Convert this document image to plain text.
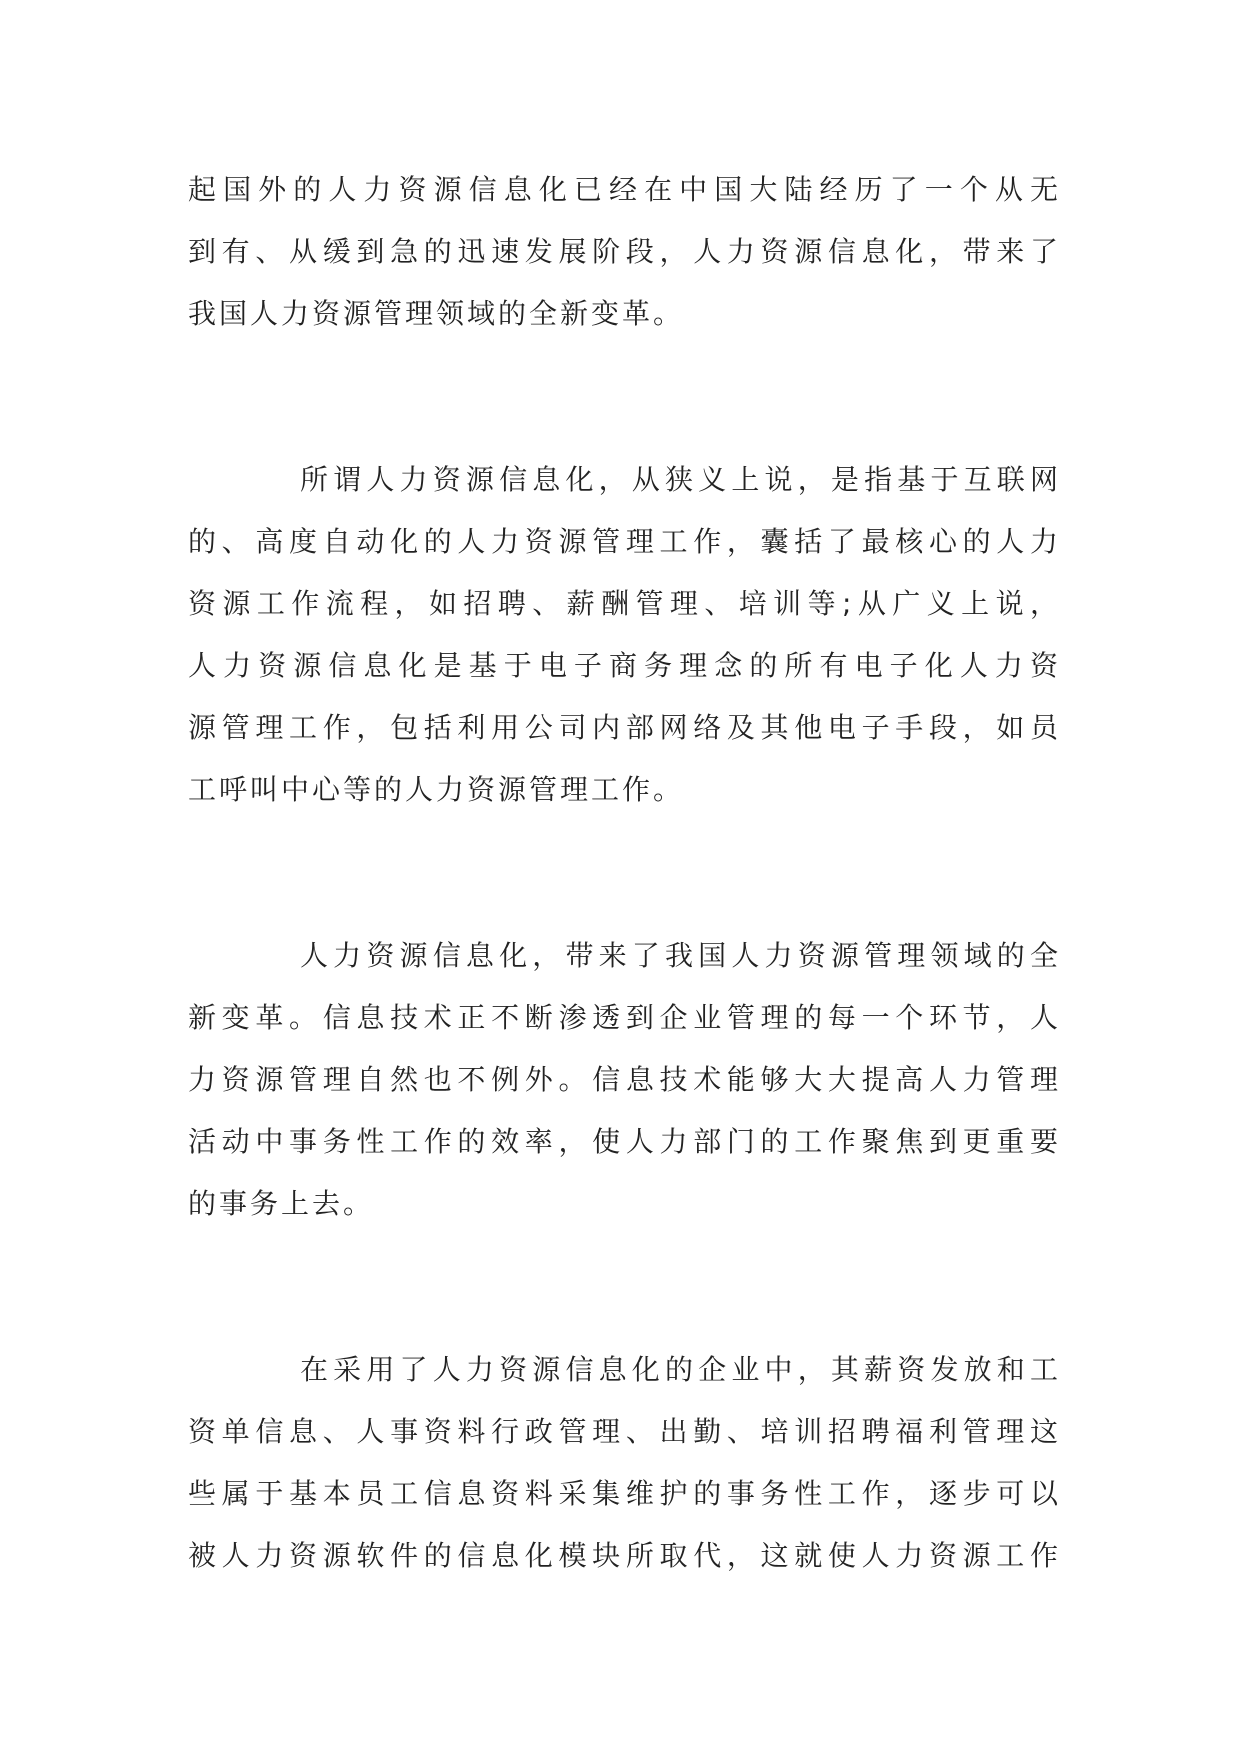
起国外的人力资源信息化已经在中国大陆经历了一个从无
到有、从缓到急的迅速发展阶段，人力资源信息化，带来了
我国人力资源管理领域的全新变革。
所谓人力资源信息化，从狭义上说，是指基于互联网
的、高度自动化的人力资源管理工作，囊括了最核心的人力
资源工作流程，如招聘、薪酬管理、培训等;从广义上说，
人力资源信息化是基于电子商务理念的所有电子化人力资
源管理工作，包括利用公司内部网络及其他电子手段，如员
工呼叫中心等的人力资源管理工作。
人力资源信息化，带来了我国人力资源管理领域的全
新变革。信息技术正不断渗透到企业管理的每一个环节，人
力资源管理自然也不例外。信息技术能够大大提高人力管理
活动中事务性工作的效率，使人力部门的工作聚焦到更重要
的事务上去。
在采用了人力资源信息化的企业中，其薪资发放和工
资单信息、人事资料行政管理、出勤、培训招聘福利管理这
些属于基本员工信息资料采集维护的事务性工作，逐步可以
被人力资源软件的信息化模块所取代，这就使人力资源工作
